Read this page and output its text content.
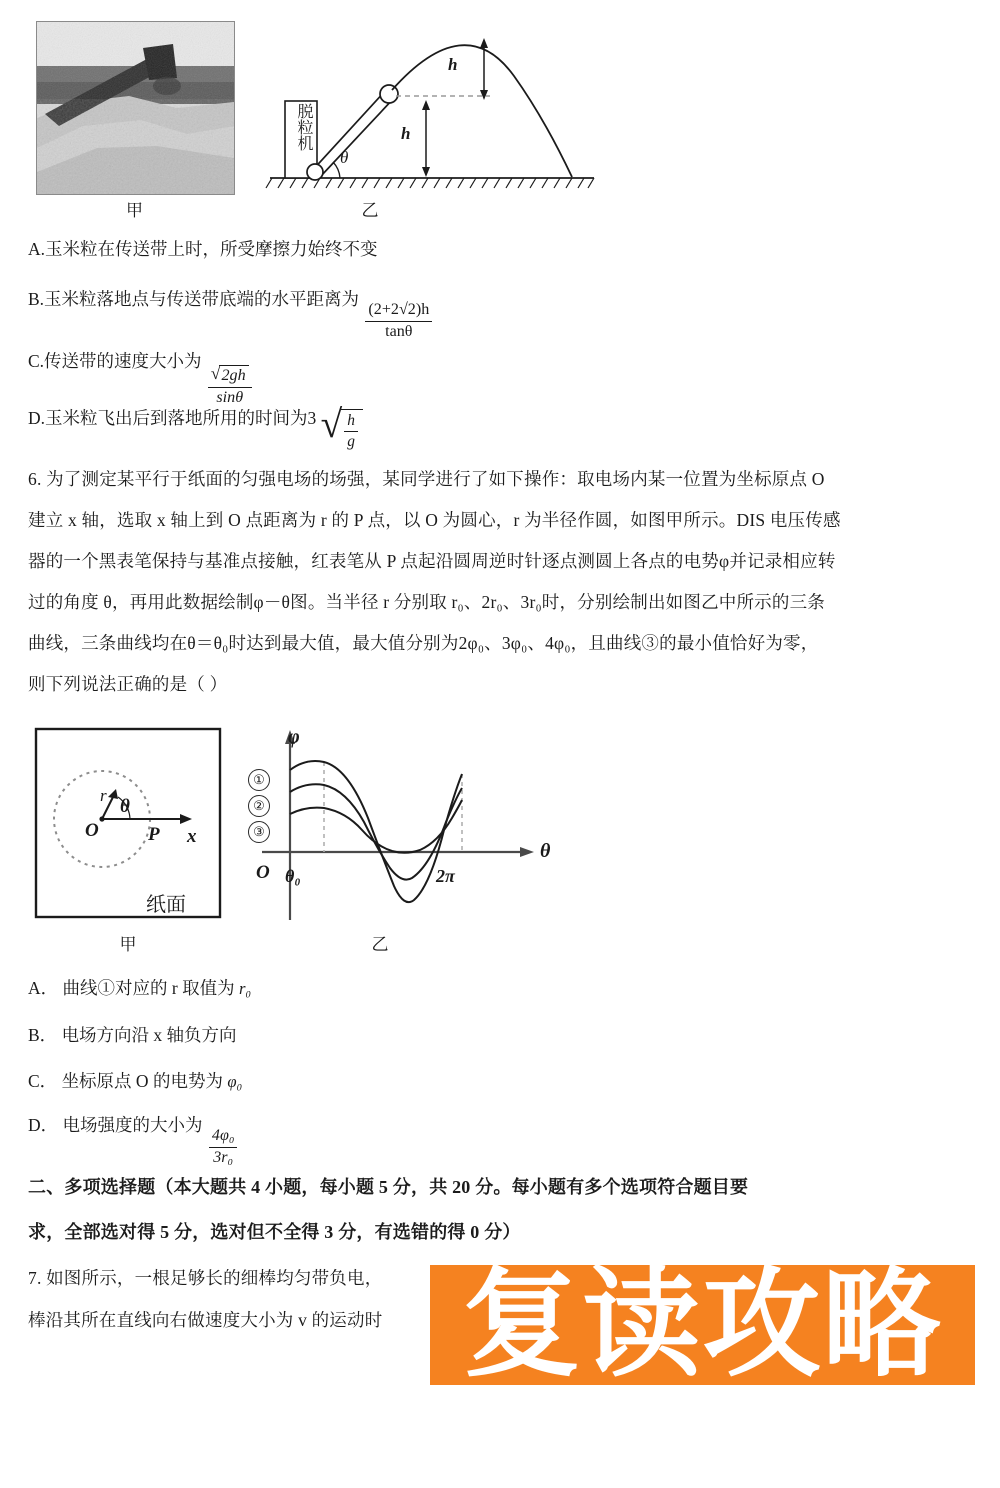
甲
脱粒机
θ
h
h
乙
A.玉米粒在传送带上时，所受摩擦力始终不变
B.玉米粒落地点与传送带底端的水平距离为
$\frac{(2+2√2)h}{\tan\theta}$
C.传送带的速度大小为
$\frac{√ 2gh}{\sin\theta}$
D.玉米粒飞出后到落地所用的时间为3 √ $\frac{h}{g}$
6. 为了测定某平行于纸面的匀强电场的场强，某同学进行了如下操作：取电场内某一位置为坐标原点 O
建立 x 轴，选取 x 轴上到 O 点距离为 r 的 P 点，以 O 为圆心，r 为半径作圆，如图甲所示。DIS 电压传感
器的一个黑表笔保持与基准点接触，红表笔从 P 点起沿圆周逆时针逐点测圆上各点的电势φ并记录相应转
过的角度 θ，再用此数据绘制φ－θ图。当半径 r 分别取 r₀、2r₀、3r₀时，分别绘制出如图乙中所示的三条
曲线，三条曲线均在θ＝θ₀时达到最大值，最大值分别为2φ₀、3φ₀、4φ₀，且曲线③的最小值恰好为零，
则下列说法正确的是（ ）
O	P x
r
θ
纸面
甲
φ
θ
O θ₀	2π
①
②
③
乙
A． 曲线①对应的 r 取值为 r₀
B． 电场方向沿 x 轴负方向
C． 坐标原点 O 的电势为 φ₀
D． 电场强度的大小为
$\frac{\text{4φ₀}}{\text{3r₀}}$
二、多项选择题（本大题共 4 小题，每小题 5 分，共 20 分。每小题有多个选项符合题目要
求，全部选对得 5 分，选对但不全得 3 分，有选错的得 0 分）
7. 如图所示，一根足够长的细棒均匀带负电，
棒沿其所在直线向右做速度大小为 v 的运动时 复读攻略
